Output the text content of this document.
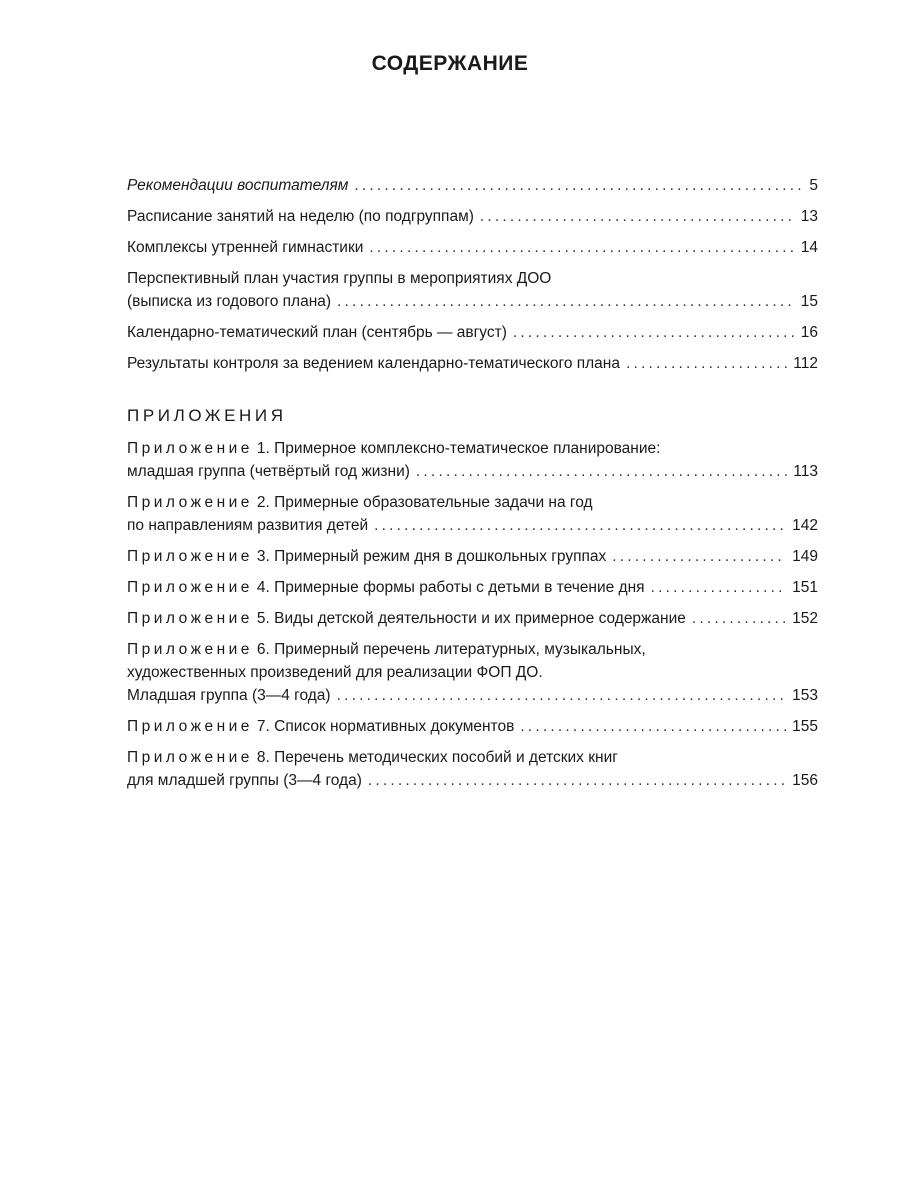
СОДЕРЖАНИЕ
Рекомендации воспитателям .....	5
Расписание занятий на неделю (по подгруппам) .....	13
Комплексы утренней гимнастики .....	14
Перспективный план участия группы в мероприятиях ДОО
(выписка из годового плана) .....	15
Календарно-тематический план (сентябрь — август) .....	16
Результаты контроля за ведением календарно-тематического плана .....	112
ПРИЛОЖЕНИЯ
Приложение 1. Примерное комплексно-тематическое планирование:
младшая группа (четвёртый год жизни) .....	113
Приложение 2. Примерные образовательные задачи на год
по направлениям развития детей .....	142
Приложение 3. Примерный режим дня в дошкольных группах .....	149
Приложение 4. Примерные формы работы с детьми в течение дня .....	151
Приложение 5. Виды детской деятельности и их примерное содержание .....	152
Приложение 6. Примерный перечень литературных, музыкальных,
художественных произведений для реализации ФОП ДО.
Младшая группа (3—4 года) .....	153
Приложение 7. Список нормативных документов .....	155
Приложение 8. Перечень методических пособий и детских книг
для младшей группы (3—4 года) .....	156
